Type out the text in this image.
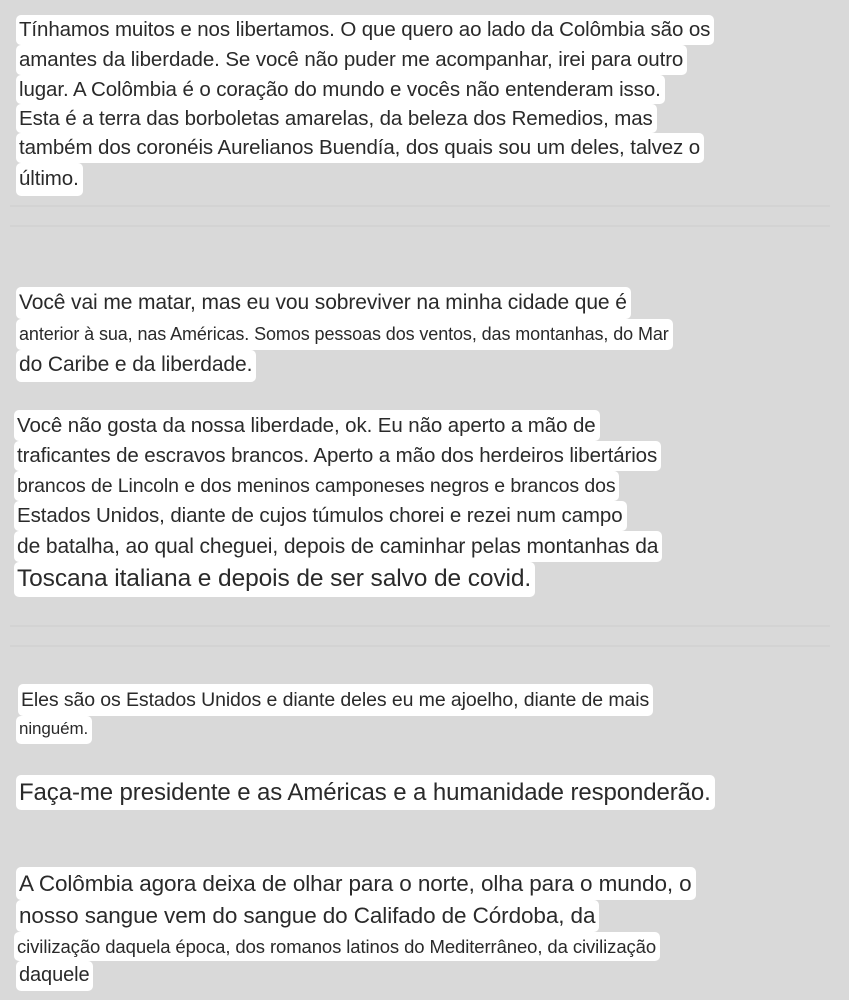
Tínhamos muitos e nos libertamos. O que quero ao lado da Colômbia são os
amantes da liberdade. Se você não puder me acompanhar, irei para outro
lugar. A Colômbia é o coração do mundo e vocês não entenderam isso.
Esta é a terra das borboletas amarelas, da beleza dos Remedios, mas
também dos coronéis Aurelianos Buendía, dos quais sou um deles, talvez o
último.
Você vai me matar, mas eu vou sobreviver na minha cidade que é
anterior à sua, nas Américas. Somos pessoas dos ventos, das montanhas, do Mar
do Caribe e da liberdade.
Você não gosta da nossa liberdade, ok. Eu não aperto a mão de
traficantes de escravos brancos. Aperto a mão dos herdeiros libertários
brancos de Lincoln e dos meninos camponeses negros e brancos dos
Estados Unidos, diante de cujos túmulos chorei e rezei num campo
de batalha, ao qual cheguei, depois de caminhar pelas montanhas da
Toscana italiana e depois de ser salvo de covid.
Eles são os Estados Unidos e diante deles eu me ajoelho, diante de mais
ninguém.
Faça-me presidente e as Américas e a humanidade responderão.
A Colômbia agora deixa de olhar para o norte, olha para o mundo, o
nosso sangue vem do sangue do Califado de Córdoba, da
civilização daquela época, dos romanos latinos do Mediterrâneo, da civilização
daquele
